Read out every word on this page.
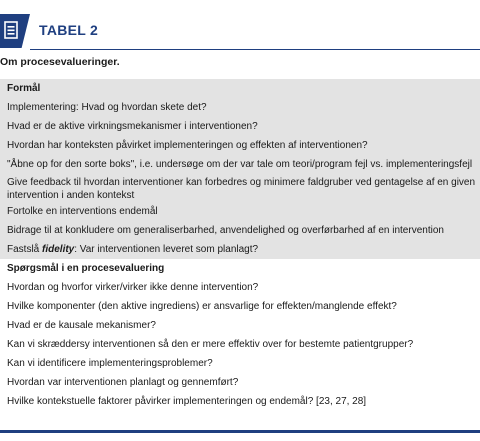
TABEL 2
Om procesevalueringer.
Formål
Implementering: Hvad og hvordan skete det?
Hvad er de aktive virkningsmekanismer i interventionen?
Hvordan har konteksten påvirket implementeringen og effekten af interventionen?
"Åbne op for den sorte boks", i.e. undersøge om der var tale om teori/program fejl vs. implementeringsfejl
Give feedback til hvordan interventioner kan forbedres og minimere faldgruber ved gentagelse af en given intervention i anden kontekst
Fortolke en interventions endemål
Bidrage til at konkludere om generaliserbarhed, anvendelighed og overførbarhed af en intervention
Fastslå fidelity: Var interventionen leveret som planlagt?
Spørgsmål i en procesevaluering
Hvordan og hvorfor virker/virker ikke denne intervention?
Hvilke komponenter (den aktive ingrediens) er ansvarlige for effekten/manglende effekt?
Hvad er de kausale mekanismer?
Kan vi skræddersy interventionen så den er mere effektiv over for bestemte patientgrupper?
Kan vi identificere implementeringsproblemer?
Hvordan var interventionen planlagt og gennemført?
Hvilke kontekstuelle faktorer påvirker implementeringen og endemål? [23, 27, 28]
